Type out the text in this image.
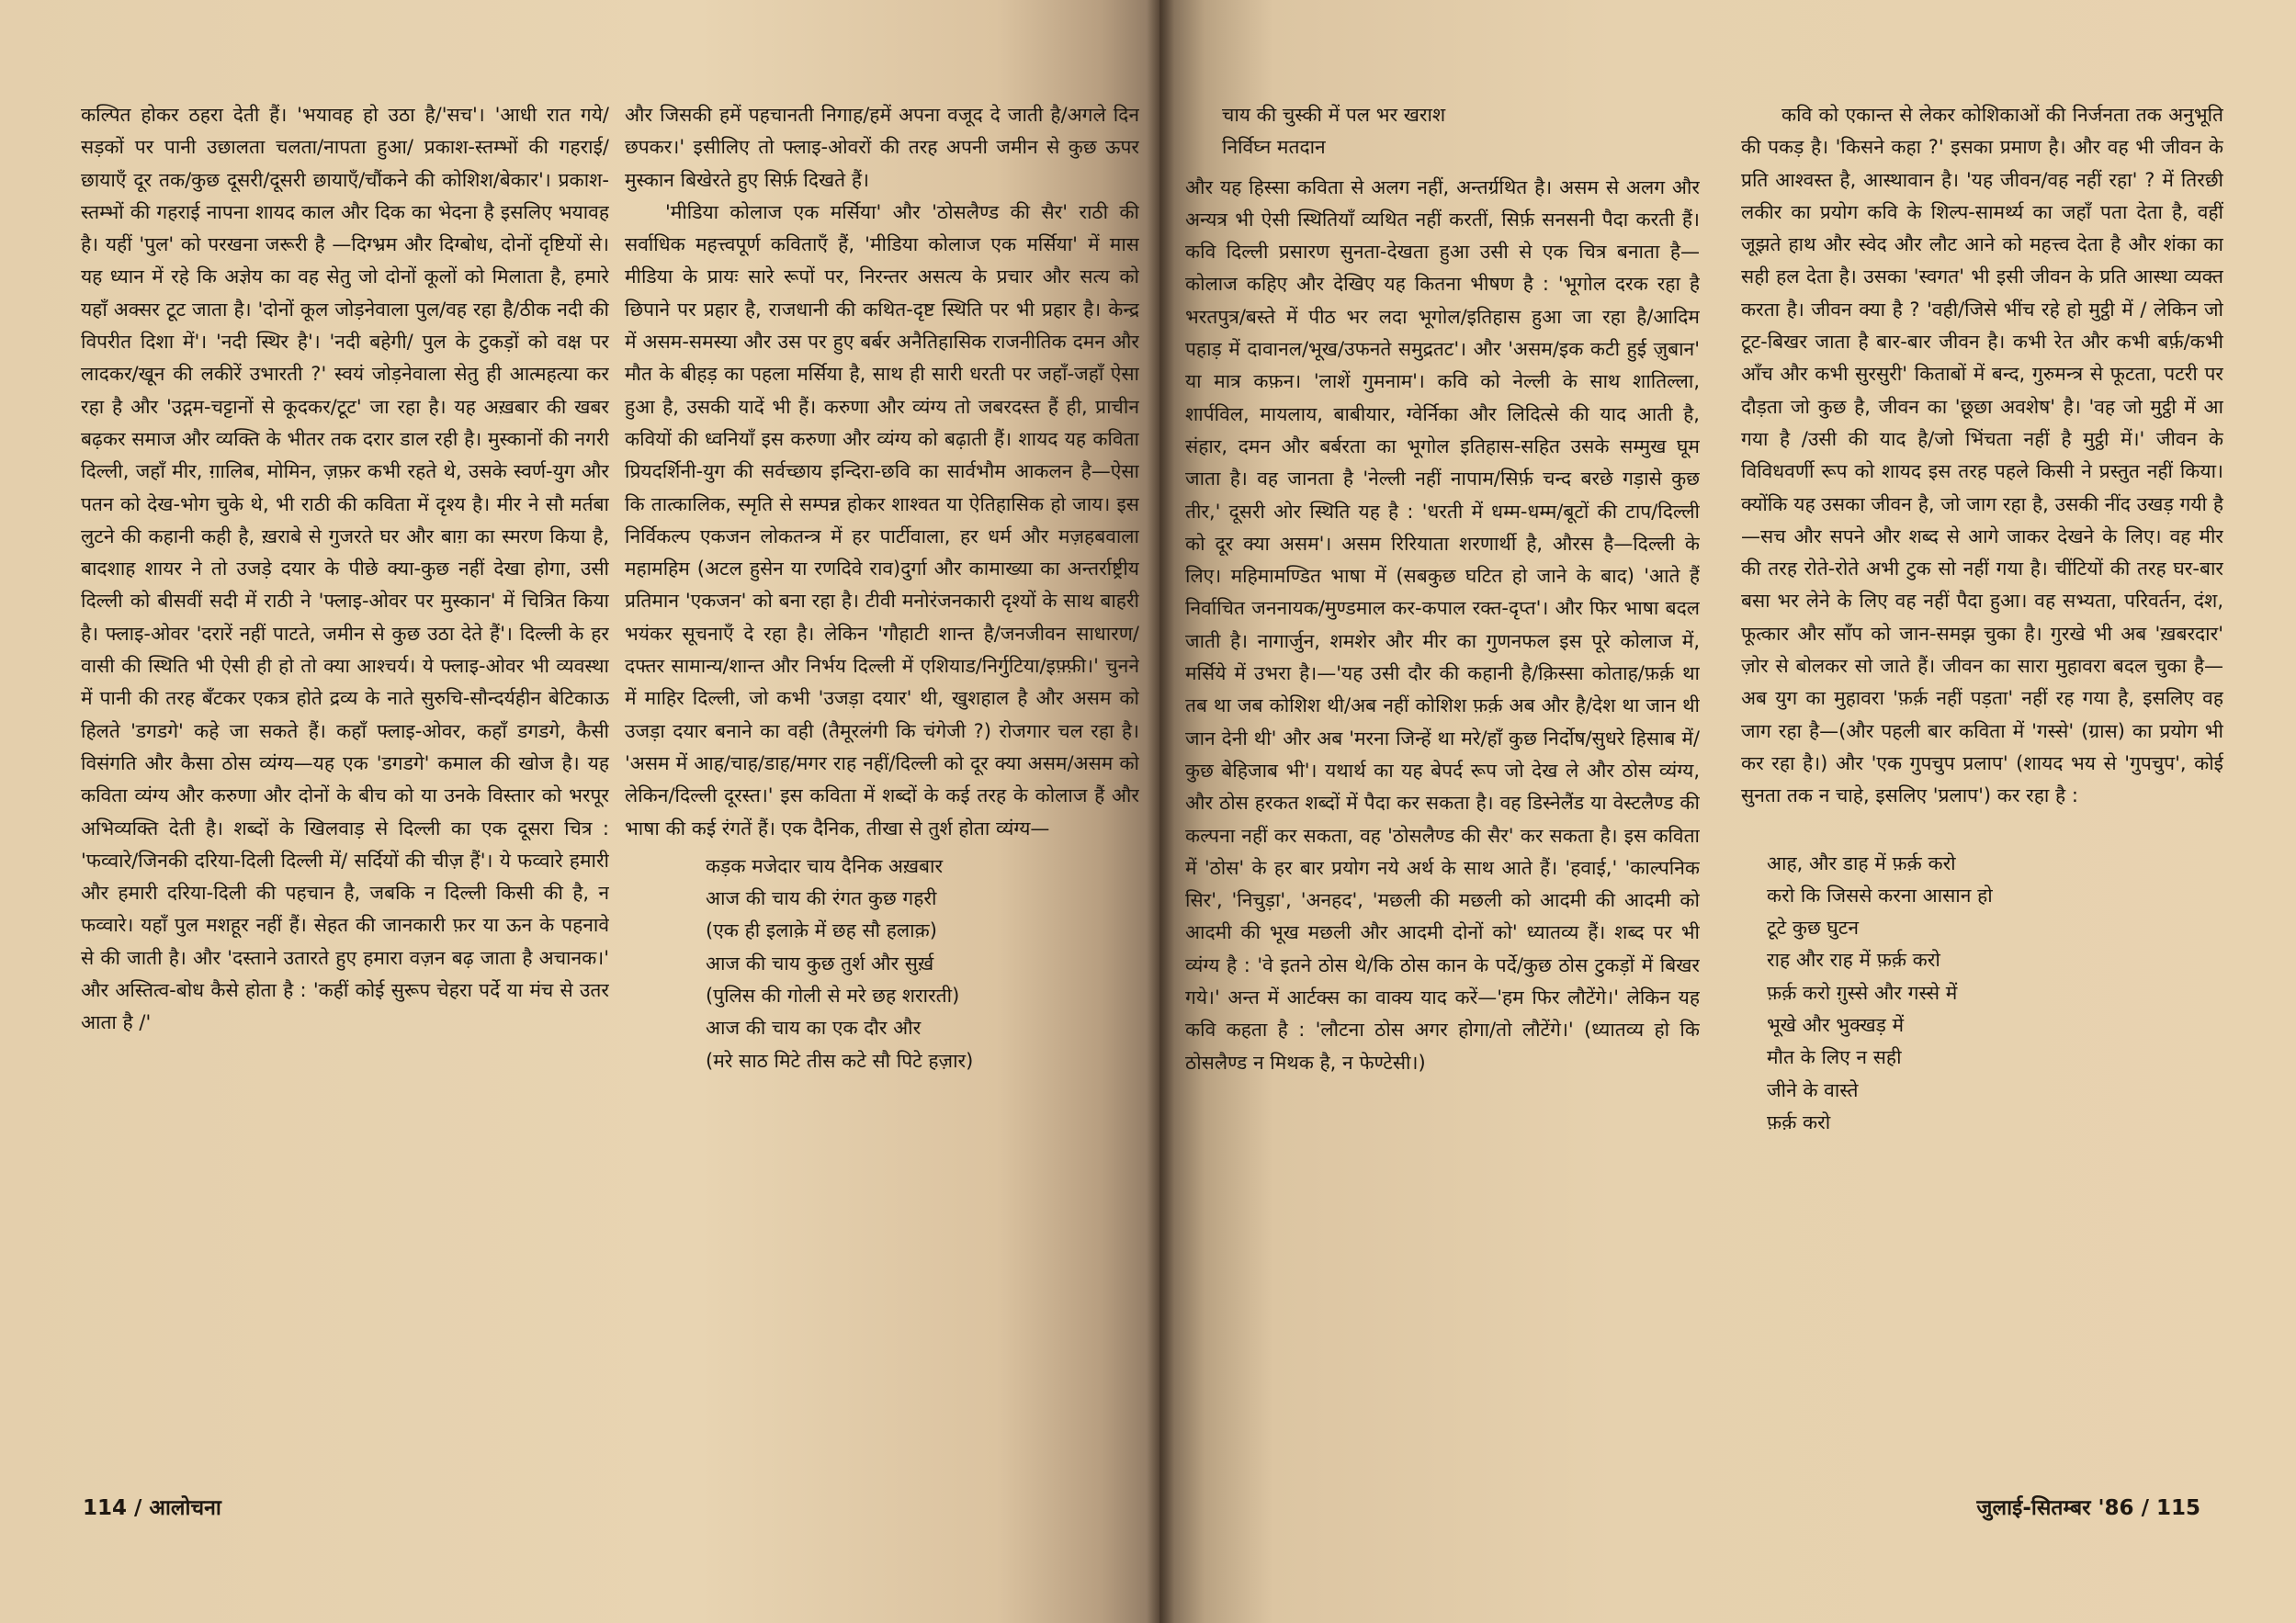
कल्पित होकर ठहरा देती हैं। 'भयावह हो उठा है/'सच'। 'आधी रात गये/ सड़कों पर पानी उछालता चलता/नापता हुआ/ प्रकाश-स्तम्भों की गहराई/ छायाएँ दूर तक/कुछ दूसरी/दूसरी छायाएँ/चौंकने की कोशिश/बेकार'। प्रकाश-स्तम्भों की गहराई नापना शायद काल और दिक का भेदना है इसलिए भयावह है। यहीं 'पुल' को परखना जरूरी है —दिग्भ्रम और दिग्बोध, दोनों दृष्टियों से। यह ध्यान में रहे कि अज्ञेय का वह सेतु जो दोनों कूलों को मिलाता है, हमारे यहाँ अक्सर टूट जाता है। 'दोनों कूल जोड़नेवाला पुल/वह रहा है/ठीक नदी की विपरीत दिशा में'। 'नदी स्थिर है'। 'नदी बहेगी/ पुल के टुकड़ों को वक्ष पर लादकर/खून की लकीरें उभारती ?' स्वयं जोड़नेवाला सेतु ही आत्महत्या कर रहा है और 'उद्गम-चट्टानों से कूदकर/टूट' जा रहा है। यह अख़बार की खबर बढ़कर समाज और व्यक्ति के भीतर तक दरार डाल रही है। मुस्कानों की नगरी दिल्ली, जहाँ मीर, ग़ालिब, मोमिन, ज़फ़र कभी रहते थे, उसके स्वर्ण-युग और पतन को देख-भोग चुके थे, भी राठी की कविता में दृश्य है। मीर ने सौ मर्तबा लुटने की कहानी कही है, ख़राबे से गुजरते घर और बाग़ का स्मरण किया है, बादशाह शायर ने तो उजड़े दयार के पीछे क्या-कुछ नहीं देखा होगा, उसी दिल्ली को बीसवीं सदी में राठी ने 'फ्लाइ-ओवर पर मुस्कान' में चित्रित किया है। फ्लाइ-ओवर 'दरारें नहीं पाटते, जमीन से कुछ उठा देते हैं'। दिल्ली के हर वासी की स्थिति भी ऐसी ही हो तो क्या आश्चर्य। ये फ्लाइ-ओवर भी व्यवस्था में पानी की तरह बँटकर एकत्र होते द्रव्य के नाते सुरुचि-सौन्दर्यहीन बेटिकाऊ हिलते 'डगडगे' कहे जा सकते हैं। कहाँ फ्लाइ-ओवर, कहाँ डगडगे, कैसी विसंगति और कैसा ठोस व्यंग्य—यह एक 'डगडगे' कमाल की खोज है। यह कविता व्यंग्य और करुणा और दोनों के बीच को या उनके विस्तार को भरपूर अभिव्यक्ति देती है। शब्दों के खिलवाड़ से दिल्ली का एक दूसरा चित्र : 'फव्वारे/जिनकी दरिया-दिली दिल्ली में/ सर्दियों की चीज़ हैं'। ये फव्वारे हमारी और हमारी दरिया-दिली की पहचान है, जबकि न दिल्ली किसी की है, न फव्वारे। यहाँ पुल मशहूर नहीं हैं। सेहत की जानकारी फ़र या ऊन के पहनावे से की जाती है। और 'दस्ताने उतारते हुए हमारा वज़न बढ़ जाता है अचानक।' और अस्तित्व-बोध कैसे होता है : 'कहीं कोई सुरूप चेहरा पर्दे या मंच से उतर आता है /'

और जिसकी हमें पहचानती निगाह/हमें अपना वजूद दे जाती है/अगले दिन छपकर।' इसीलिए तो फ्लाइ-ओवरों की तरह अपनी जमीन से कुछ ऊपर मुस्कान बिखेरते हुए सिर्फ़ दिखते हैं।

'मीडिया कोलाज एक मर्सिया' और 'ठोसलैण्ड की सैर' राठी की सर्वाधिक महत्त्वपूर्ण कविताएँ हैं, 'मीडिया कोलाज एक मर्सिया' में मास मीडिया के प्रायः सारे रूपों पर, निरन्तर असत्य के प्रचार और सत्य को छिपाने पर प्रहार है, राजधानी की कथित-दृष्ट स्थिति पर भी प्रहार है। केन्द्र में असम-समस्या और उस पर हुए बर्बर अनैतिहासिक राजनीतिक दमन और मौत के बीहड़ का पहला मर्सिया है, साथ ही सारी धरती पर जहाँ-जहाँ ऐसा हुआ है, उसकी यादें भी हैं। करुणा और व्यंग्य तो जबरदस्त हैं ही, प्राचीन कवियों की ध्वनियाँ इस करुणा और व्यंग्य को बढ़ाती हैं। शायद यह कविता प्रियदर्शिनी-युग की सर्वच्छाय इन्दिरा-छवि का सार्वभौम आकलन है—ऐसा कि तात्कालिक, स्मृति से सम्पन्न होकर शाश्वत या ऐतिहासिक हो जाय। इस निर्विकल्प एकजन लोकतन्त्र में हर पार्टीवाला, हर धर्म और मज़हबवाला महामहिम (अटल हुसेन या रणदिवे राव)दुर्गा और कामाख्या का अन्तर्राष्ट्रीय प्रतिमान 'एकजन' को बना रहा है। टीवी मनोरंजनकारी दृश्यों के साथ बाहरी भयंकर सूचनाएँ दे रहा है। लेकिन 'गौहाटी शान्त है/जनजीवन साधारण/दफ्तर सामान्य/शान्त और निर्भय दिल्ली में एशियाड/निर्गुटिया/इफ़्फ़ी।' चुनने में माहिर दिल्ली, जो कभी 'उजड़ा दयार' थी, खुशहाल है और असम को उजड़ा दयार बनाने का वही (तैमूरलंगी कि चंगेजी ?) रोजगार चल रहा है। 'असम में आह/चाह/डाह/मगर राह नहीं/दिल्ली को दूर क्या असम/असम को लेकिन/दिल्ली दूरस्त।' इस कविता में शब्दों के कई तरह के कोलाज हैं और भाषा की कई रंगतें हैं। एक दैनिक, तीखा से तुर्श होता व्यंग्य—

कड़क मजेदार चाय दैनिक अख़बार
आज की चाय की रंगत कुछ गहरी
(एक ही इलाक़े में छह सौ हलाक़)
आज की चाय कुछ तुर्श और सुर्ख़
(पुलिस की गोली से मरे छह शरारती)
आज की चाय का एक दौर और
(मरे साठ मिटे तीस कटे सौ पिटे हज़ार)
114 / आलोचना
चाय की चुस्की में पल भर खराश
निर्विघ्न मतदान

और यह हिस्सा कविता से अलग नहीं, अन्तर्ग्रथित है। असम से अलग और अन्यत्र भी ऐसी स्थितियाँ व्यथित नहीं करतीं, सिर्फ़ सनसनी पैदा करती हैं। कवि दिल्ली प्रसारण सुनता-देखता हुआ उसी से एक चित्र बनाता है—कोलाज कहिए और देखिए यह कितना भीषण है : 'भूगोल दरक रहा है भरतपुत्र/बस्ते में पीठ भर लदा भूगोल/इतिहास हुआ जा रहा है/आदिम पहाड़ में दावानल/भूख/उफनते समुद्रतट'। और 'असम/इक कटी हुई ज़ुबान' या मात्र कफ़न। 'लाशें गुमनाम'। कवि को नेल्ली के साथ शातिल्ला, शार्पविल, मायलाय, बाबीयार, ग्वेर्निका और लिदित्से की याद आती है, संहार, दमन और बर्बरता का भूगोल इतिहास-सहित उसके सम्मुख घूम जाता है। वह जानता है 'नेल्ली नहीं नापाम/सिर्फ़ चन्द बरछे गड़ासे कुछ तीर,' दूसरी ओर स्थिति यह है : 'धरती में धम्म-धम्म/बूटों की टाप/दिल्ली को दूर क्या असम'। असम रिरियाता शरणार्थी है, औरस है—दिल्ली के लिए। महिमामण्डित भाषा में (सबकुछ घटित हो जाने के बाद) 'आते हैं निर्वाचित जननायक/मुण्डमाल कर-कपाल रक्त-दृप्त'। और फिर भाषा बदल जाती है। नागार्जुन, शमशेर और मीर का गुणनफल इस पूरे कोलाज में, मर्सिये में उभरा है।—'यह उसी दौर की कहानी है/क़िस्सा कोताह/फ़र्क़ था तब था जब कोशिश थी/अब नहीं कोशिश फ़र्क़ अब और है/देश था जान थी जान देनी थी' और अब 'मरना जिन्हें था मरे/हाँ कुछ निर्दोष/सुधरे हिसाब में/कुछ बेहिजाब भी'। यथार्थ का यह बेपर्द रूप जो देख ले और ठोस व्यंग्य, और ठोस हरकत शब्दों में पैदा कर सकता है। वह डिस्नेलैंड या वेस्टलैण्ड की कल्पना नहीं कर सकता, वह 'ठोसलैण्ड की सैर' कर सकता है। इस कविता में 'ठोस' के हर बार प्रयोग नये अर्थ के साथ आते हैं। 'हवाई,' 'काल्पनिक सिर', 'निचुड़ा', 'अनहद', 'मछली की मछली को आदमी की आदमी को आदमी की भूख मछली और आदमी दोनों को' ध्यातव्य हैं। शब्द पर भी व्यंग्य है : 'वे इतने ठोस थे/कि ठोस कान के पर्दे/कुछ ठोस टुकड़ों में बिखर गये।' अन्त में आर्टक्स का वाक्य याद करें—'हम फिर लौटेंगे।' लेकिन यह कवि कहता है : 'लौटना ठोस अगर होगा/तो लौटेंगे।' (ध्यातव्य हो कि ठोसलैण्ड न मिथक है, न फेण्टेसी।)

कवि को एकान्त से लेकर कोशिकाओं की निर्जनता तक अनुभूति की पकड़ है। 'किसने कहा ?' इसका प्रमाण है। और वह भी जीवन के प्रति आश्वस्त है, आस्थावान है। 'यह जीवन/वह नहीं रहा' ? में तिरछी लकीर का प्रयोग कवि के शिल्प-सामर्थ्य का जहाँ पता देता है, वहीं जूझते हाथ और स्वेद और लौट आने को महत्त्व देता है और शंका का सही हल देता है। उसका 'स्वगत' भी इसी जीवन के प्रति आस्था व्यक्त करता है। जीवन क्या है ? 'वही/जिसे भींच रहे हो मुट्ठी में / लेकिन जो टूट-बिखर जाता है बार-बार जीवन है। कभी रेत और कभी बर्फ़/कभी आँच और कभी सुरसुरी' किताबों में बन्द, गुरुमन्त्र से फूटता, पटरी पर दौड़ता जो कुछ है, जीवन का 'छूछा अवशेष' है। 'वह जो मुट्ठी में आ गया है /उसी की याद है/जो भिंचता नहीं है मुट्ठी में।' जीवन के विविधवर्णी रूप को शायद इस तरह पहले किसी ने प्रस्तुत नहीं किया। क्योंकि यह उसका जीवन है, जो जाग रहा है, उसकी नींद उखड़ गयी है—सच और सपने और शब्द से आगे जाकर देखने के लिए। वह मीर की तरह रोते-रोते अभी टुक सो नहीं गया है। चींटियों की तरह घर-बार बसा भर लेने के लिए वह नहीं पैदा हुआ। वह सभ्यता, परिवर्तन, दंश, फूत्कार और साँप को जान-समझ चुका है। गुरखे भी अब 'ख़बरदार' ज़ोर से बोलकर सो जाते हैं। जीवन का सारा मुहावरा बदल चुका है—अब युग का मुहावरा 'फ़र्क़ नहीं पड़ता' नहीं रह गया है, इसलिए वह जाग रहा है—(और पहली बार कविता में 'गस्से' (ग्रास) का प्रयोग भी कर रहा है।) और 'एक गुपचुप प्रलाप' (शायद भय से 'गुपचुप', कोई सुनता तक न चाहे, इसलिए 'प्रलाप') कर रहा है :

आह, और डाह में फ़र्क़ करो
करो कि जिससे करना आसान हो
टूटे कुछ घुटन
राह और राह में फ़र्क़ करो
फ़र्क़ करो ग़ुस्से और गस्से में
भूखे और भुक्खड़ में
मौत के लिए न सही
जीने के वास्ते
फ़र्क़ करो
जुलाई-सितम्बर '86 / 115
